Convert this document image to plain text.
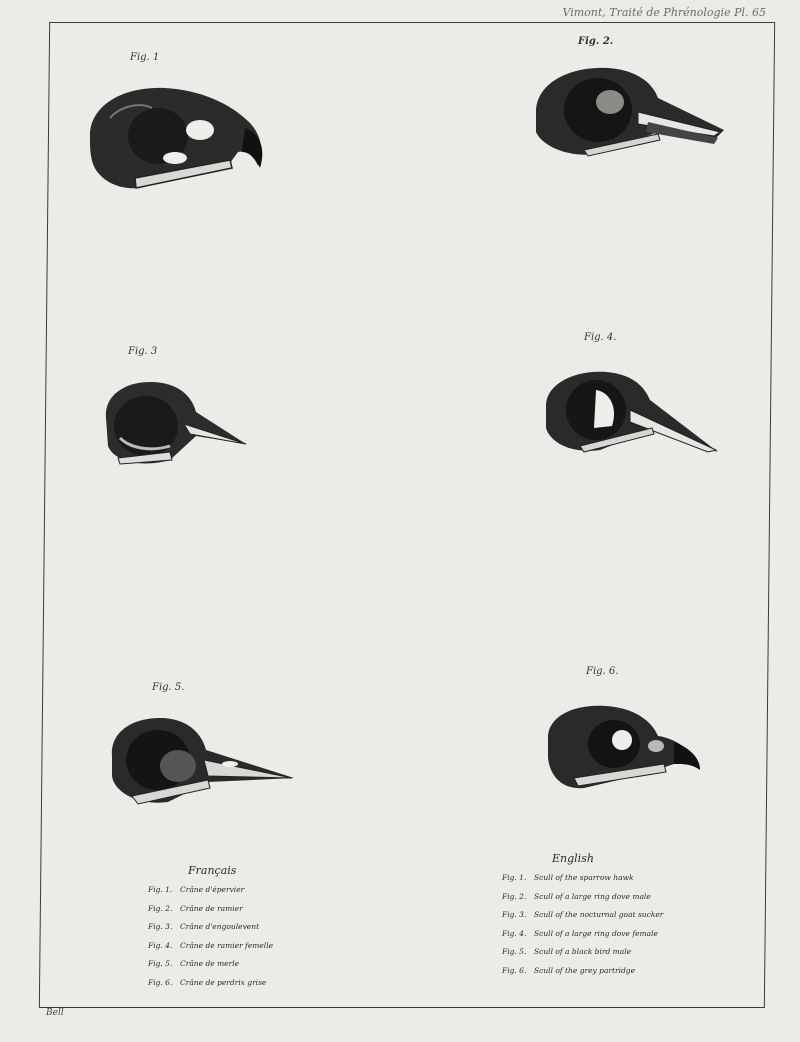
Vimont, Traité de Phrénologie Pl. 65
Fig. 1
Fig. 2.
Fig. 3
Fig. 4.
Fig. 5.
Fig. 6.
Français
Fig. 1. Crâne d'épervier
Fig. 2. Crâne de ramier
Fig. 3. Crâne d'engoulevent
Fig. 4. Crâne de ramier femelle
Fig. 5. Crâne de merle
Fig. 6. Crâne de perdrix grise
English
Fig. 1. Scull of the sparrow hawk
Fig. 2. Scull of a large ring dove male
Fig. 3. Scull of the nocturnal goat sucker
Fig. 4. Scull of a large ring dove female
Fig. 5. Scull of a black bird male
Fig. 6. Scull of the grey partridge
Bell
